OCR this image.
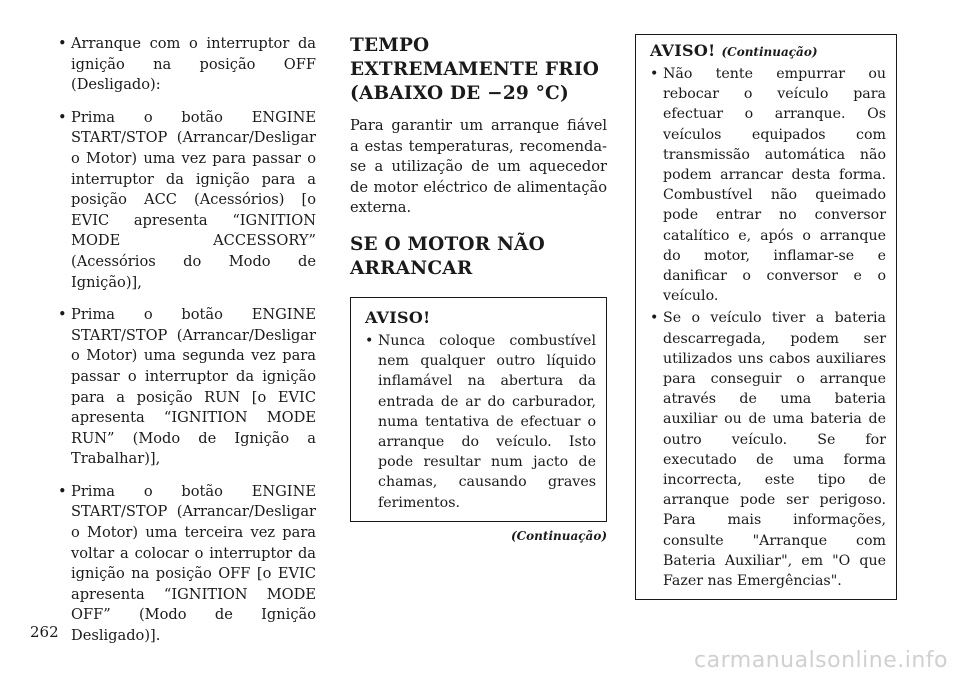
• Arranque com o interruptor da ignição na posição OFF (Desligado):
• Prima o botão ENGINE START/STOP (Arrancar/Desligar o Motor) uma vez para passar o interruptor da ignição para a posição ACC (Acessórios) [o EVIC apresenta “IGNITION MODE ACCESSORY” (Acessórios do Modo de Ignição)],
• Prima o botão ENGINE START/STOP (Arrancar/Desligar o Motor) uma segunda vez para passar o interruptor da ignição para a posição RUN [o EVIC apresenta “IGNITION MODE RUN” (Modo de Ignição a Trabalhar)],
• Prima o botão ENGINE START/STOP (Arrancar/Desligar o Motor) uma terceira vez para voltar a colocar o interruptor da ignição na posição OFF [o EVIC apresenta “IGNITION MODE OFF” (Modo de Ignição Desligado)].
TEMPO EXTREMAMENTE FRIO (ABAIXO DE −29 °C)

Para garantir um arranque fiável a estas temperaturas, recomenda-se a utilização de um aquecedor de motor eléctrico de alimentação externa.

SE O MOTOR NÃO ARRANCAR
AVISO!
• Nunca coloque combustível nem qualquer outro líquido inflamável na abertura da entrada de ar do carburador, numa tentativa de efectuar o arranque do veículo. Isto pode resultar num jacto de chamas, causando graves ferimentos.
(Continuação)
AVISO! (Continuação)
• Não tente empurrar ou rebocar o veículo para efectuar o arranque. Os veículos equipados com transmissão automática não podem arrancar desta forma. Combustível não queimado pode entrar no conversor catalítico e, após o arranque do motor, inflamar-se e danificar o conversor e o veículo.
• Se o veículo tiver a bateria descarregada, podem ser utilizados uns cabos auxiliares para conseguir o arranque através de uma bateria auxiliar ou de uma bateria de outro veículo. Se for executado de uma forma incorrecta, este tipo de arranque pode ser perigoso. Para mais informações, consulte "Arranque com Bateria Auxiliar", em "O que Fazer nas Emergências".
262
carmanualsonline.info
